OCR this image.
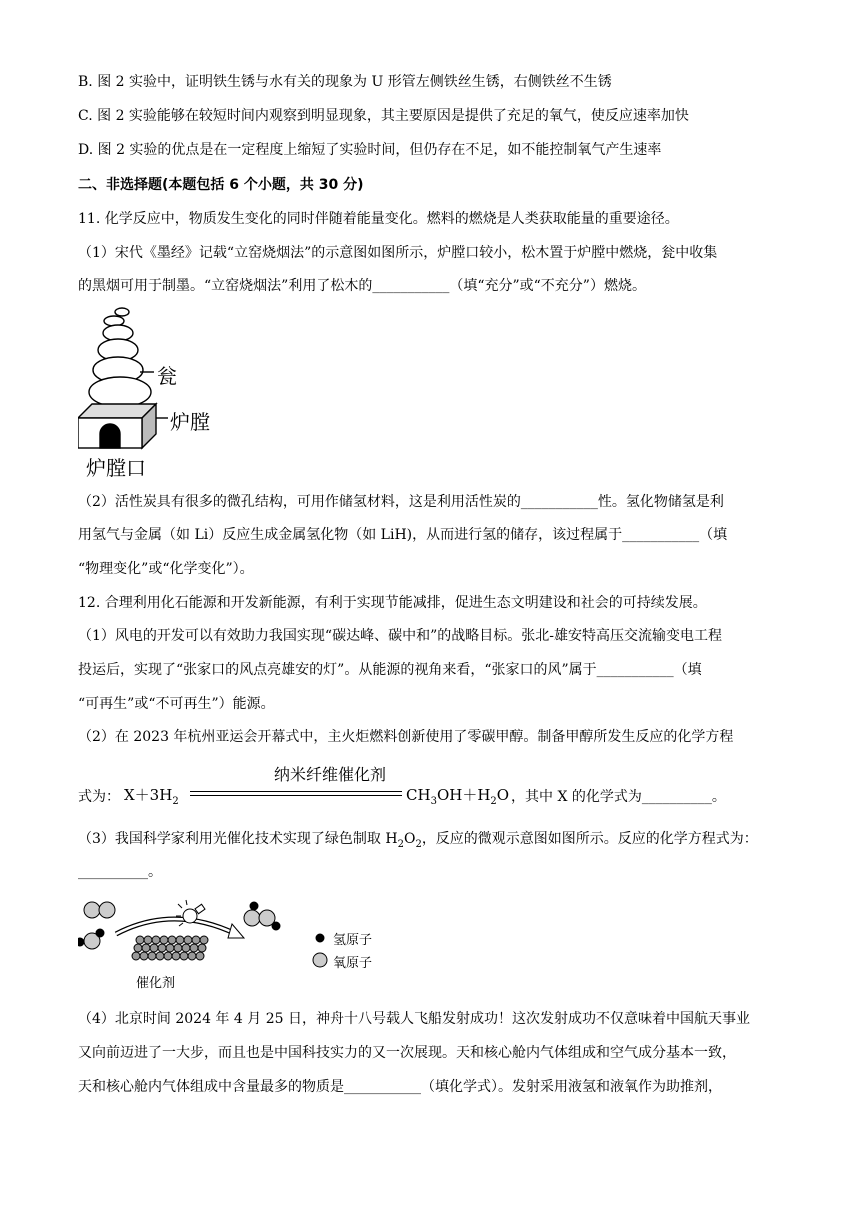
B. 图 2 实验中，证明铁生锈与水有关的现象为 U 形管左侧铁丝生锈，右侧铁丝不生锈
C. 图 2 实验能够在较短时间内观察到明显现象，其主要原因是提供了充足的氧气，使反应速率加快
D. 图 2 实验的优点是在一定程度上缩短了实验时间，但仍存在不足，如不能控制氧气产生速率
二、非选择题(本题包括 6 个小题，共 30 分)
11. 化学反应中，物质发生变化的同时伴随着能量变化。燃料的燃烧是人类获取能量的重要途径。
（1）宋代《墨经》记载“立窑烧烟法”的示意图如图所示，炉膛口较小，松木置于炉膛中燃烧，瓮中收集
的黑烟可用于制墨。“立窑烧烟法”利用了松木的___________（填“充分”或“不充分”）燃烧。
瓮
炉膛
炉膛口
（2）活性炭具有很多的微孔结构，可用作储氢材料，这是利用活性炭的___________性。氢化物储氢是利
用氢气与金属（如 Li）反应生成金属氢化物（如 LiH)，从而进行氢的储存，该过程属于___________（填
“物理变化”或“化学变化”）。
12. 合理利用化石能源和开发新能源，有利于实现节能减排，促进生态文明建设和社会的可持续发展。
（1）风电的开发可以有效助力我国实现“碳达峰、碳中和”的战略目标。张北-雄安特高压交流输变电工程
投运后，实现了“张家口的风点亮雄安的灯”。从能源的视角来看，“张家口的风”属于___________（填
“可再生”或“不可再生”）能源。
（2）在 2023 年杭州亚运会开幕式中，主火炬燃料创新使用了零碳甲醇。制备甲醇所发生反应的化学方程
式为： $X+3H_2$
纳米纤维催化剂
$CH_3OH+H_2O$ ，其中 X 的化学式为__________。
（3）我国科学家利用光催化技术实现了绿色制取 $H_2O_2$，反应的微观示意图如图所示。反应的化学方程式为：
__________。
催化剂
氢原子
氧原子
（4）北京时间 2024 年 4 月 25 日，神舟十八号载人飞船发射成功！这次发射成功不仅意味着中国航天事业
又向前迈进了一大步，而且也是中国科技实力的又一次展现。天和核心舱内气体组成和空气成分基本一致，
天和核心舱内气体组成中含量最多的物质是___________（填化学式）。发射采用液氢和液氧作为助推剂，
